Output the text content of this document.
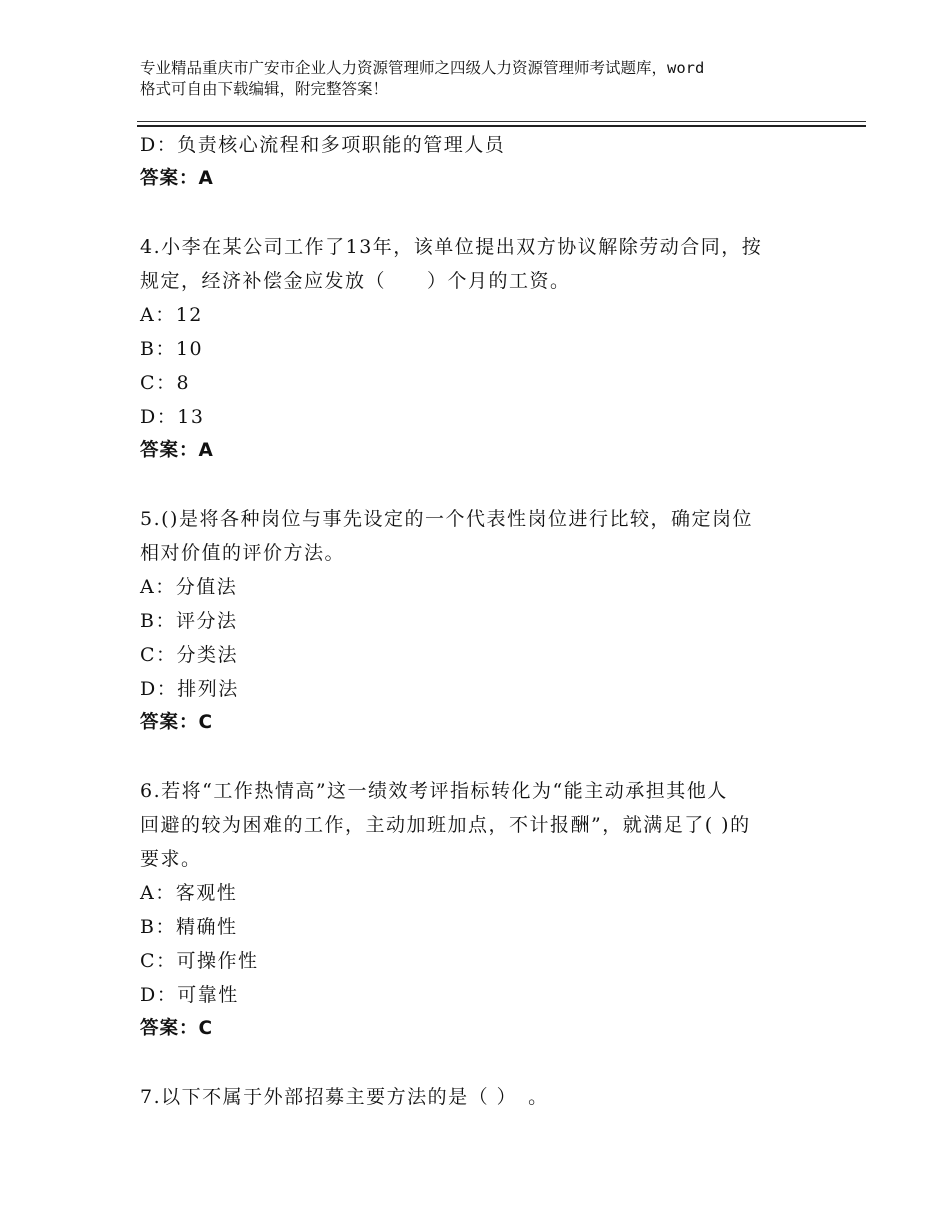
专业精品重庆市广安市企业人力资源管理师之四级人力资源管理师考试题库，word
格式可自由下载编辑，附完整答案！
D：负责核心流程和多项职能的管理人员
答案：A
4.小李在某公司工作了13年，该单位提出双方协议解除劳动合同，按
规定，经济补偿金应发放（　　）个月的工资。
A：12
B：10
C：8
D：13
答案：A
5.()是将各种岗位与事先设定的一个代表性岗位进行比较，确定岗位
相对价值的评价方法。
A：分值法
B：评分法
C：分类法
D：排列法
答案：C
6.若将“工作热情高”这一绩效考评指标转化为“能主动承担其他人
回避的较为困难的工作，主动加班加点，不计报酬”，就满足了( )的
要求。
A：客观性
B：精确性
C：可操作性
D：可靠性
答案：C
7.以下不属于外部招募主要方法的是（ ）　。
